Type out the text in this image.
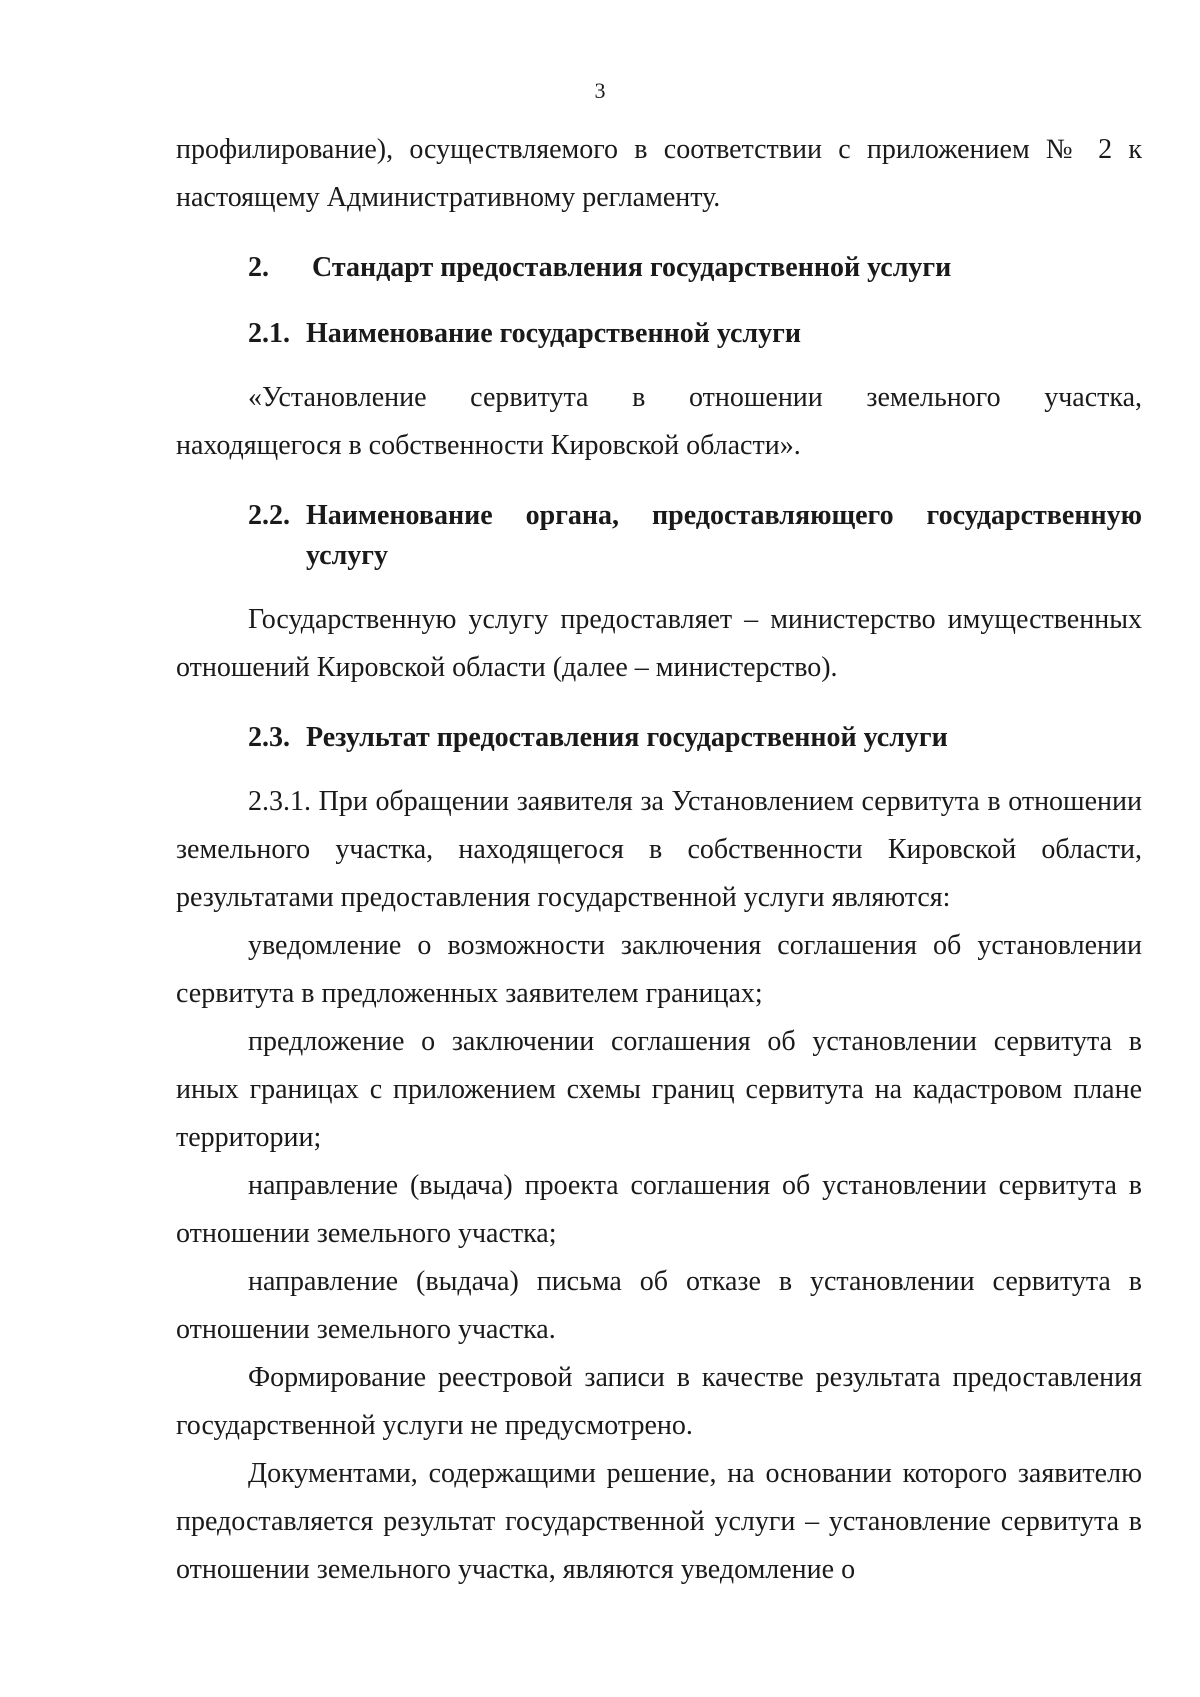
3

профилирование), осуществляемого в соответствии с приложением № 2 к

настоящему Административному регламенту.

2.	Стандарт предоставления государственной услуги
2.1. Наименование государственной услуги

«Установление сервитута в отношении земельного участка,

находящегося в собственности Кировской области».

2.2. Наименование органа, предоставляющего государственную услугу

Государственную услугу предоставляет – министерство имущественных отношений Кировской области (далее – министерство).

2.3. Результат предоставления государственной услуги

2.3.1. При обращении заявителя за Установлением сервитута в отношении земельного участка, находящегося в собственности Кировской области, результатами предоставления государственной услуги являются:

уведомление о возможности заключения соглашения об установлении сервитута в предложенных заявителем границах;

предложение о заключении соглашения об установлении сервитута в иных границах с приложением схемы границ сервитута на кадастровом плане территории;

направление (выдача) проекта соглашения об установлении сервитута в отношении земельного участка;

направление (выдача) письма об отказе в установлении сервитута в отношении земельного участка.

Формирование реестровой записи в качестве результата предоставления государственной услуги не предусмотрено.

Документами, содержащими решение, на основании которого заявителю предоставляется результат государственной услуги – установление сервитута в отношении земельного участка, являются уведомление о
